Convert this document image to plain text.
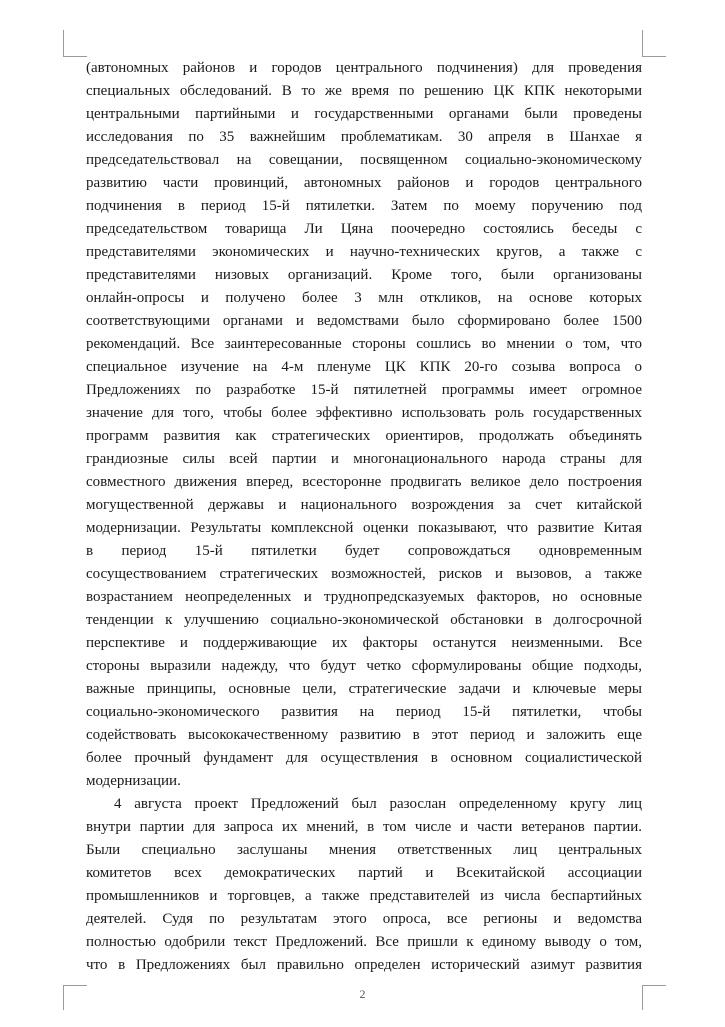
(автономных районов и городов центрального подчинения) для проведения
специальных обследований. В то же время по решению ЦК КПК некоторыми
центральными партийными и государственными органами были проведены
исследования по 35 важнейшим проблематикам. 30 апреля в Шанхае я
председательствовал на совещании, посвященном социально-экономическому
развитию части провинций, автономных районов и городов центрального
подчинения в период 15-й пятилетки. Затем по моему поручению под
председательством товарища Ли Цяна поочередно состоялись беседы с
представителями экономических и научно-технических кругов, а также с
представителями низовых организаций. Кроме того, были организованы
онлайн-опросы и получено более 3 млн откликов, на основе которых
соответствующими органами и ведомствами было сформировано более 1500
рекомендаций. Все заинтересованные стороны сошлись во мнении о том, что
специальное изучение на 4-м пленуме ЦК КПК 20-го созыва вопроса о
Предложениях по разработке 15-й пятилетней программы имеет огромное
значение для того, чтобы более эффективно использовать роль государственных
программ развития как стратегических ориентиров, продолжать объединять
грандиозные силы всей партии и многонационального народа страны для
совместного движения вперед, всесторонне продвигать великое дело построения
могущественной державы и национального возрождения за счет китайской
модернизации. Результаты комплексной оценки показывают, что развитие Китая
в период 15-й пятилетки будет сопровождаться одновременным
сосуществованием стратегических возможностей, рисков и вызовов, а также
возрастанием неопределенных и труднопредсказуемых факторов, но основные
тенденции к улучшению социально-экономической обстановки в долгосрочной
перспективе и поддерживающие их факторы останутся неизменными. Все
стороны выразили надежду, что будут четко сформулированы общие подходы,
важные принципы, основные цели, стратегические задачи и ключевые меры
социально-экономического развития на период 15-й пятилетки, чтобы
содействовать высококачественному развитию в этот период и заложить еще
более прочный фундамент для осуществления в основном социалистической
модернизации.
4 августа проект Предложений был разослан определенному кругу лиц
внутри партии для запроса их мнений, в том числе и части ветеранов партии.
Были специально заслушаны мнения ответственных лиц центральных
комитетов всех демократических партий и Всекитайской ассоциации
промышленников и торговцев, а также представителей из числа беспартийных
деятелей. Судя по результатам этого опроса, все регионы и ведомства
полностью одобрили текст Предложений. Все пришли к единому выводу о том,
что в Предложениях был правильно определен исторический азимут развития
2
